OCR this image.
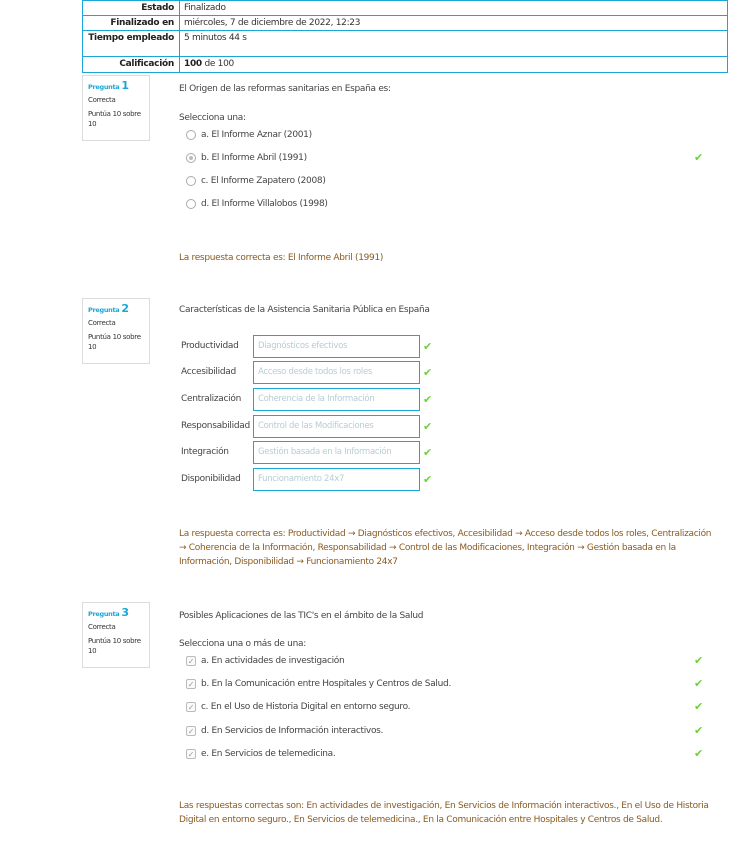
Estado	Finalizado
Finalizado en	miércoles, 7 de diciembre de 2022, 12:23
Tiempo empleado	5 minutos 44 s
Calificación	100 de 100
Pregunta 1
Correcta
Puntúa 10 sobre 10
El Origen de las reformas sanitarias en España es:
Selecciona una:
a. El Informe Aznar (2001)
b. El Informe Abril (1991)	✔
c. El Informe Zapatero (2008)
d. El Informe Villalobos (1998)
La respuesta correcta es: El Informe Abril (1991)
Pregunta 2
Correcta
Puntúa 10 sobre 10
Características de la Asistencia Sanitaria Pública en España
Productividad	Diagnósticos efectivos	✔
Accesibilidad	Acceso desde todos los roles	✔
Centralización	Coherencia de la Información	✔
Responsabilidad Control de las Modificaciones	✔
Integración	Gestión basada en la Información	✔
Disponibilidad	Funcionamiento 24x7	✔
La respuesta correcta es: Productividad → Diagnósticos efectivos, Accesibilidad → Acceso desde todos los roles, Centralización → Coherencia de la Información, Responsabilidad → Control de las Modificaciones, Integración → Gestión basada en la Información, Disponibilidad → Funcionamiento 24x7
Pregunta 3
Correcta
Puntúa 10 sobre 10
Posibles Aplicaciones de las TIC's en el ámbito de la Salud
Selecciona una o más de una:
✓ a. En actividades de investigación	✔
✓ b. En la Comunicación entre Hospitales y Centros de Salud.	✔
✓ c. En el Uso de Historia Digital en entorno seguro.	✔
✓ d. En Servicios de Información interactivos.	✔
✓ e. En Servicios de telemedicina.	✔
Las respuestas correctas son: En actividades de investigación, En Servicios de Información interactivos., En el Uso de Historia Digital en entorno seguro., En Servicios de telemedicina., En la Comunicación entre Hospitales y Centros de Salud.
